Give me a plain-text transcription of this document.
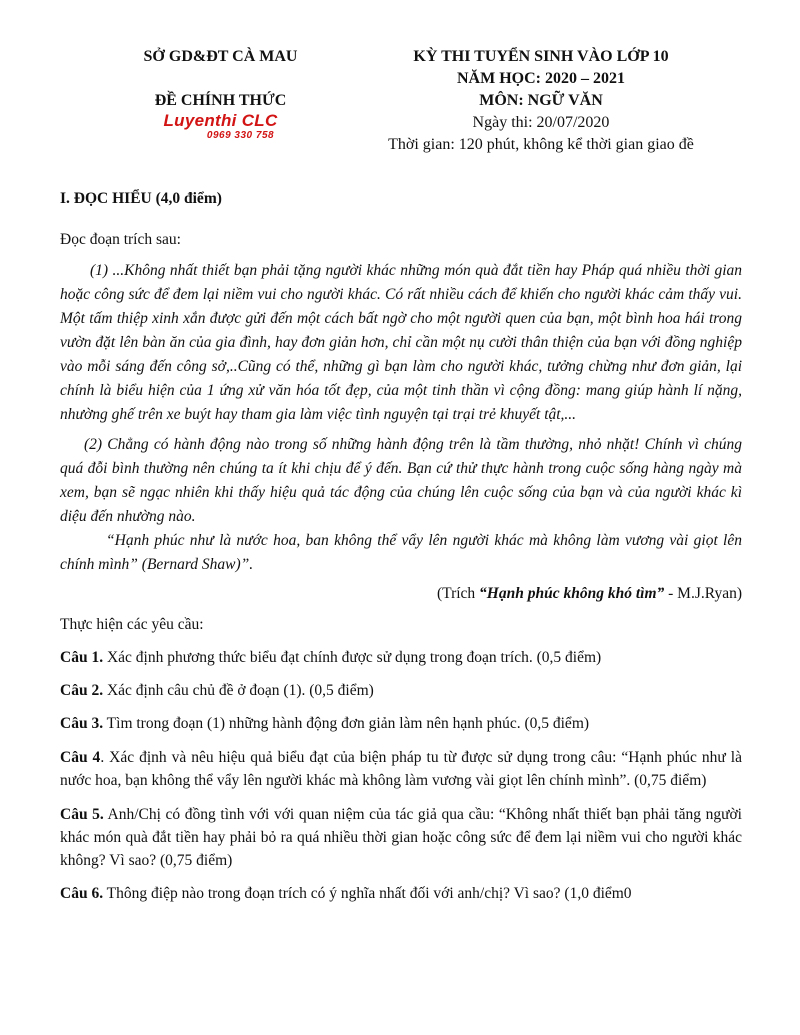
SỞ GD&ĐT CÀ MAU
ĐỀ CHÍNH THỨC
Luyenthi CLC
0969 330 758
KỲ THI TUYỂN SINH VÀO LỚP 10
NĂM HỌC: 2020 – 2021
MÔN: NGỮ VĂN
Ngày thi: 20/07/2020
Thời gian: 120 phút, không kể thời gian giao đề

I. ĐỌC HIỂU (4,0 điểm)

Đọc đoạn trích sau:

(1) ...Không nhất thiết bạn phải tặng người khác những món quà đắt tiền hay Pháp quá nhiều thời gian hoặc công sức để đem lại niềm vui cho người khác. Có rất nhiều cách để khiến cho người khác cảm thấy vui. Một tấm thiệp xinh xắn được gửi đến một cách bất ngờ cho một người quen của bạn, một bình hoa hái trong vườn đặt lên bàn ăn của gia đình, hay đơn giản hơn, chỉ cần một nụ cười thân thiện của bạn với đồng nghiệp vào mỗi sáng đến công sở,..Cũng có thể, những gì bạn làm cho người khác, tưởng chừng như đơn giản, lại chính là biểu hiện của 1 ứng xử văn hóa tốt đẹp, của một tinh thần vì cộng đồng: mang giúp hành lí nặng, nhường ghế trên xe buýt hay tham gia làm việc tình nguyện tại trại trẻ khuyết tật,...

(2) Chẳng có hành động nào trong số những hành động trên là tầm thường, nhỏ nhặt! Chính vì chúng quá đỗi bình thường nên chúng ta ít khi chịu để ý đến. Bạn cứ thử thực hành trong cuộc sống hàng ngày mà xem, bạn sẽ ngạc nhiên khi thấy hiệu quả tác động của chúng lên cuộc sống của bạn và của người khác kì diệu đến nhường nào.

“Hạnh phúc như là nước hoa, ban không thể vẩy lên người khác mà không làm vương vài giọt lên chính mình” (Bernard Shaw)”.

(Trích “Hạnh phúc không khó tìm” - M.J.Ryan)

Thực hiện các yêu cầu:

Câu 1. Xác định phương thức biểu đạt chính được sử dụng trong đoạn trích. (0,5 điểm)

Câu 2. Xác định câu chủ đề ở đoạn (1). (0,5 điểm)

Câu 3. Tìm trong đoạn (1) những hành động đơn giản làm nên hạnh phúc. (0,5 điểm)

Câu 4. Xác định và nêu hiệu quả biểu đạt của biện pháp tu từ được sử dụng trong câu: “Hạnh phúc như là nước hoa, bạn không thể vẩy lên người khác mà không làm vương vài giọt lên chính mình”. (0,75 điểm)

Câu 5. Anh/Chị có đồng tình với với quan niệm của tác giả qua cầu: “Không nhất thiết bạn phải tăng người khác món quà đắt tiền hay phải bỏ ra quá nhiều thời gian hoặc công sức để đem lại niềm vui cho người khác không? Vì sao? (0,75 điểm)

Câu 6. Thông điệp nào trong đoạn trích có ý nghĩa nhất đối với anh/chị? Vì sao? (1,0 điểm0
